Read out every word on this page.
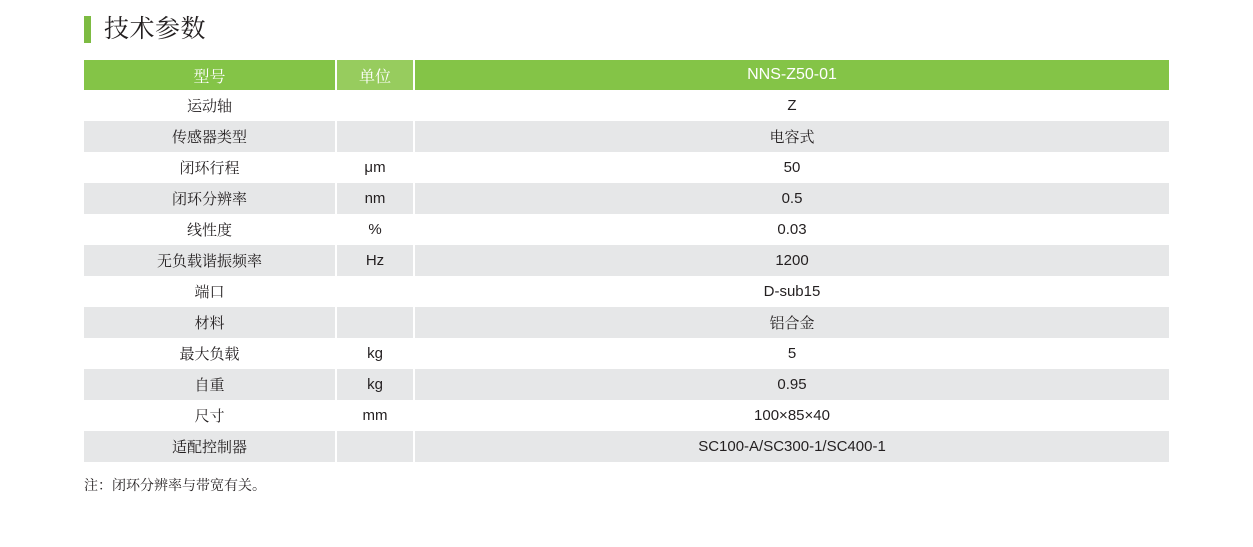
技术参数
型号	单位	NNS-Z50-01
运动轴		Z
传感器类型		电容式
闭环行程	μm	50
闭环分辨率	nm	0.5
线性度	%	0.03
无负载谐振频率	Hz	1200
端口		D-sub15
材料		铝合金
最大负载	kg	5
自重	kg	0.95
尺寸	mm	100×85×40
适配控制器		SC100-A/SC300-1/SC400-1
注：闭环分辨率与带宽有关。
